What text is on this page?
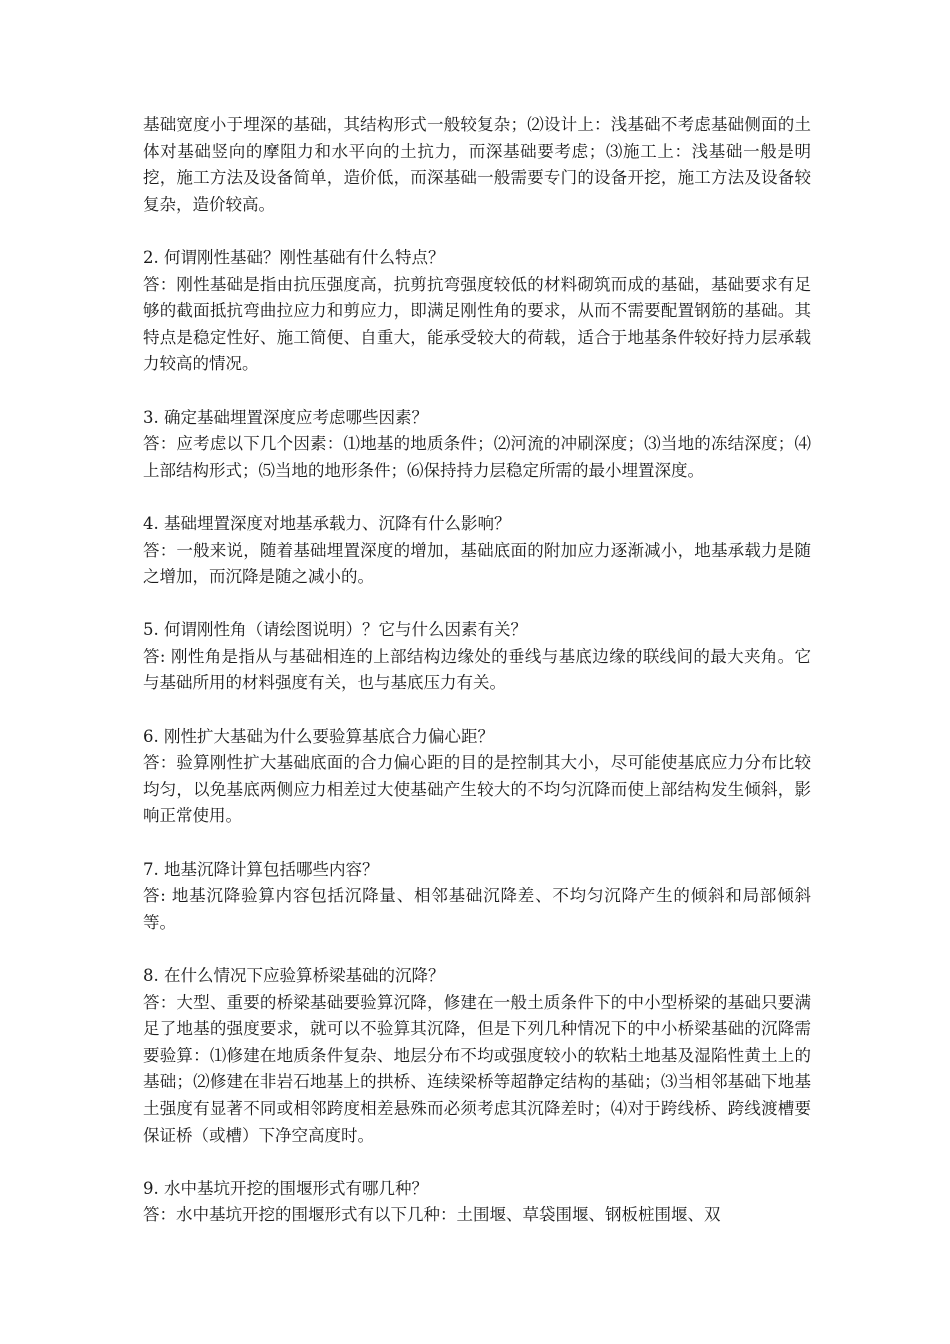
基础宽度小于埋深的基础，其结构形式一般较复杂；⑵设计上：浅基础不考虑基础侧面的土体对基础竖向的摩阻力和水平向的土抗力，而深基础要考虑；⑶施工上：浅基础一般是明挖，施工方法及设备简单，造价低，而深基础一般需要专门的设备开挖，施工方法及设备较复杂，造价较高。

2. 何谓刚性基础？刚性基础有什么特点？

答：刚性基础是指由抗压强度高，抗剪抗弯强度较低的材料砌筑而成的基础，基础要求有足够的截面抵抗弯曲拉应力和剪应力，即满足刚性角的要求，从而不需要配置钢筋的基础。其特点是稳定性好、施工简便、自重大，能承受较大的荷载，适合于地基条件较好持力层承载力较高的情况。

3. 确定基础埋置深度应考虑哪些因素？

答：应考虑以下几个因素：⑴地基的地质条件；⑵河流的冲刷深度；⑶当地的冻结深度；⑷上部结构形式；⑸当地的地形条件；⑹保持持力层稳定所需的最小埋置深度。

4. 基础埋置深度对地基承载力、沉降有什么影响？

答：一般来说，随着基础埋置深度的增加，基础底面的附加应力逐渐减小，地基承载力是随之增加，而沉降是随之减小的。

5. 何谓刚性角（请绘图说明）？它与什么因素有关？

答: 刚性角是指从与基础相连的上部结构边缘处的垂线与基底边缘的联线间的最大夹角。它与基础所用的材料强度有关，也与基底压力有关。

6. 刚性扩大基础为什么要验算基底合力偏心距？

答：验算刚性扩大基础底面的合力偏心距的目的是控制其大小，尽可能使基底应力分布比较均匀，以免基底两侧应力相差过大使基础产生较大的不均匀沉降而使上部结构发生倾斜，影响正常使用。

7. 地基沉降计算包括哪些内容？

答: 地基沉降验算内容包括沉降量、相邻基础沉降差、不均匀沉降产生的倾斜和局部倾斜等。

8. 在什么情况下应验算桥梁基础的沉降？

答：大型、重要的桥梁基础要验算沉降，修建在一般土质条件下的中小型桥梁的基础只要满足了地基的强度要求，就可以不验算其沉降，但是下列几种情况下的中小桥梁基础的沉降需要验算：⑴修建在地质条件复杂、地层分布不均或强度较小的软粘土地基及湿陷性黄土上的基础；⑵修建在非岩石地基上的拱桥、连续梁桥等超静定结构的基础；⑶当相邻基础下地基土强度有显著不同或相邻跨度相差悬殊而必须考虑其沉降差时；⑷对于跨线桥、跨线渡槽要保证桥（或槽）下净空高度时。

9. 水中基坑开挖的围堰形式有哪几种？

答：水中基坑开挖的围堰形式有以下几种：土围堰、草袋围堰、钢板桩围堰、双
